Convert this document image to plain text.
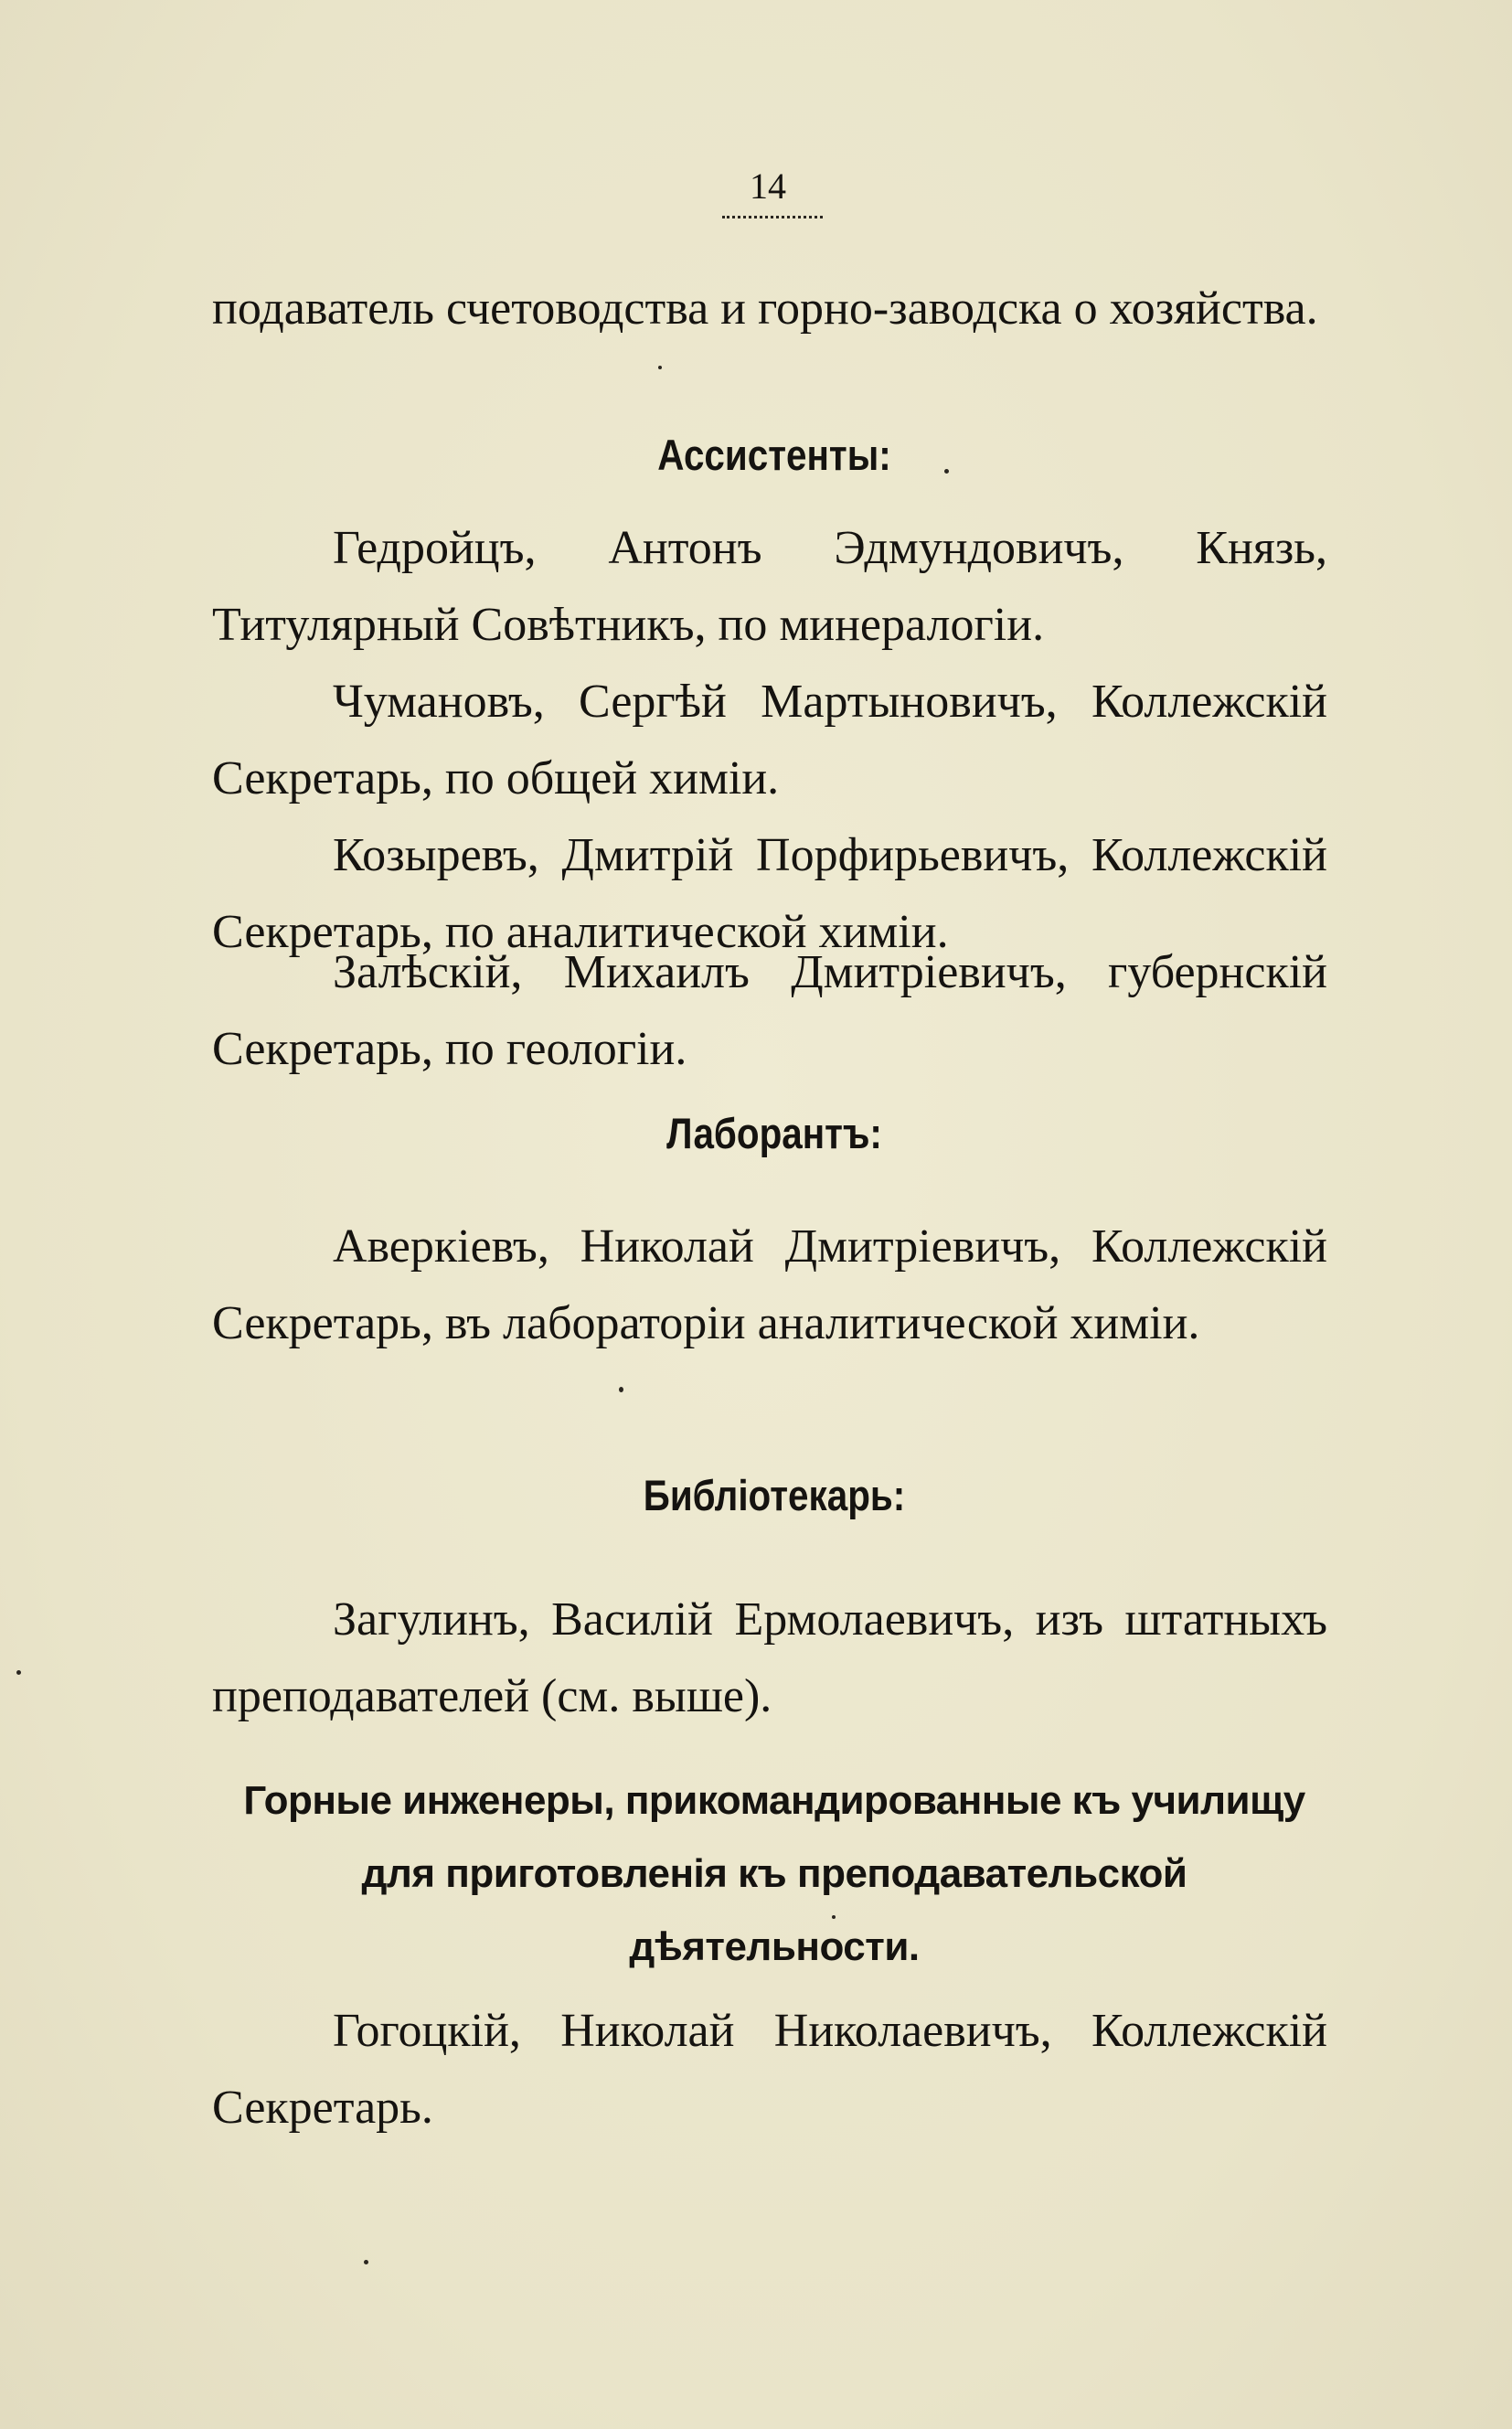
14

подаватель счетоводства и горно-заводска о хозяйства.

Ассистенты:

Гедройцъ, Антонъ Эдмундовичъ, Князь, Титулярный Совѣтникъ, по минералогіи.

Чумановъ, Сергѣй Мартыновичъ, Коллежскій Секретарь, по общей химіи.

Козыревъ, Дмитрій Порфирьевичъ, Коллежскій Секретарь, по аналитической химіи.

Залѣскій, Михаилъ Дмитріевичъ, губернскій Секретарь, по геологіи.

Лаборантъ:

Аверкіевъ, Николай Дмитріевичъ, Коллежскій Секретарь, въ лабораторіи аналитической химіи.

Библіотекарь:

Загулинъ, Василій Ермолаевичъ, изъ штатныхъ преподавателей (см. выше).

Горные инженеры, прикомандированные къ училищу для приготовленія къ преподавательской дѣятельности.

Гогоцкій, Николай Николаевичъ, Коллежскій Секретарь.
